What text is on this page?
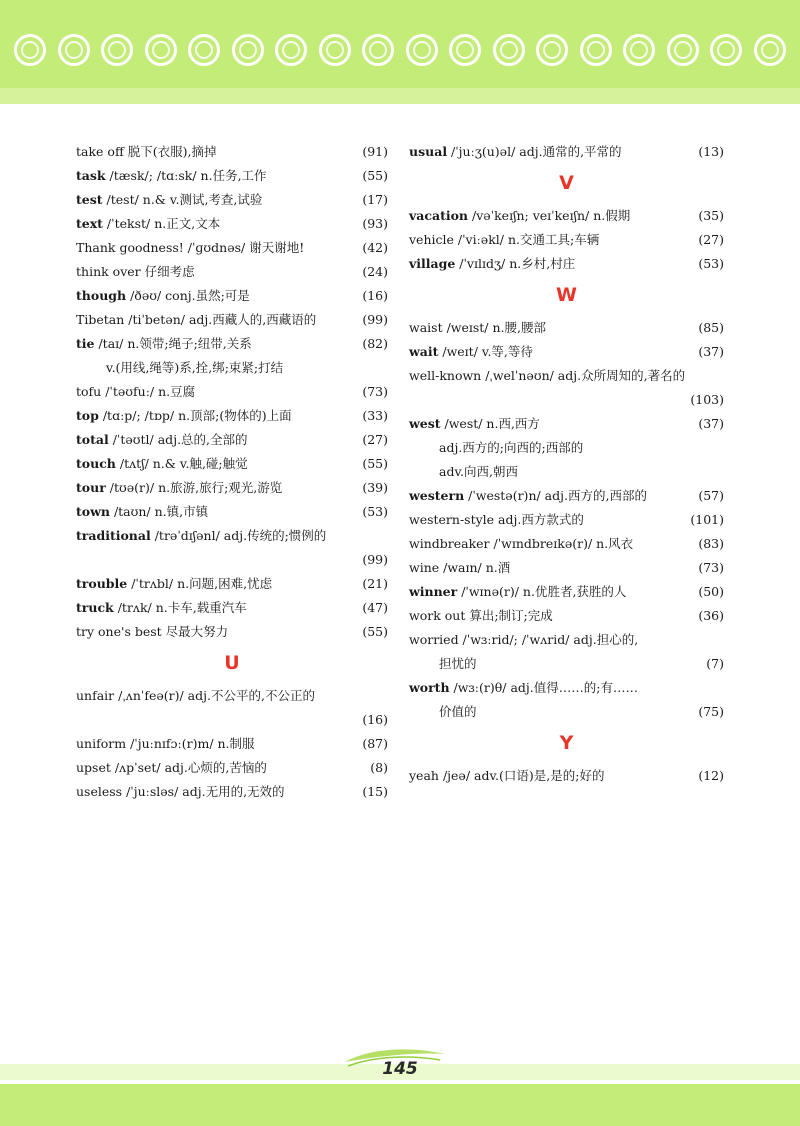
take off 脱下(衣服),摘掉	(91)
task /tæsk/; /tɑːsk/ n.任务,工作	(55)
test /test/ n.& v.测试,考查,试验	(17)
text /ˈtekst/ n.正文,文本	(93)
Thank goodness! /ˈɡʊdnəs/ 谢天谢地!	(42)
think over 仔细考虑	(24)
though /ðəʊ/ conj.虽然;可是	(16)
Tibetan /tiˈbetən/ adj.西藏人的,西藏语的	(99)
tie /taɪ/ n.领带;绳子;纽带,关系	(82)
v.(用线,绳等)系,拴,绑;束紧;打结
tofu /ˈtəʊfuː/ n.豆腐	(73)
top /tɑːp/; /tɒp/ n.顶部;(物体的)上面	(33)
total /ˈtəʊtl/ adj.总的,全部的	(27)
touch /tʌtʃ/ n.& v.触,碰;触觉	(55)
tour /tʊə(r)/ n.旅游,旅行;观光,游览	(39)
town /taʊn/ n.镇,市镇	(53)
traditional /trəˈdɪʃənl/ adj.传统的;惯例的
(99)
trouble /ˈtrʌbl/ n.问题,困难,忧虑	(21)
truck /trʌk/ n.卡车,载重汽车	(47)
try one's best 尽最大努力	(55)
U
unfair /ˌʌnˈfeə(r)/ adj.不公平的,不公正的
(16)
uniform /ˈjuːnɪfɔː(r)m/ n.制服	(87)
upset /ʌpˈset/ adj.心烦的,苦恼的	(8)
useless /ˈjuːsləs/ adj.无用的,无效的	(15)
usual /ˈjuːʒ(u)əl/ adj.通常的,平常的	(13)
V
vacation /vəˈkeɪʃn; veɪˈkeɪʃn/ n.假期	(35)
vehicle /ˈviːəkl/ n.交通工具;车辆	(27)
village /ˈvɪlɪdʒ/ n.乡村,村庄	(53)
W
waist /weɪst/ n.腰,腰部	(85)
wait /weɪt/ v.等,等待	(37)
well-known /ˌwelˈnəʊn/ adj.众所周知的,著名的
(103)
west /west/ n.西,西方	(37)
adj.西方的;向西的;西部的
adv.向西,朝西
western /ˈwestə(r)n/ adj.西方的,西部的	(57)
western-style adj.西方款式的	(101)
windbreaker /ˈwɪndbreɪkə(r)/ n.风衣	(83)
wine /waɪn/ n.酒	(73)
winner /ˈwɪnə(r)/ n.优胜者,获胜的人	(50)
work out 算出;制订;完成	(36)
worried /ˈwɜːrid/; /ˈwʌrid/ adj.担心的,
担忧的	(7)
worth /wɜː(r)θ/ adj.值得……的;有……
价值的	(75)
Y
yeah /jeə/ adv.(口语)是,是的;好的	(12)
145
